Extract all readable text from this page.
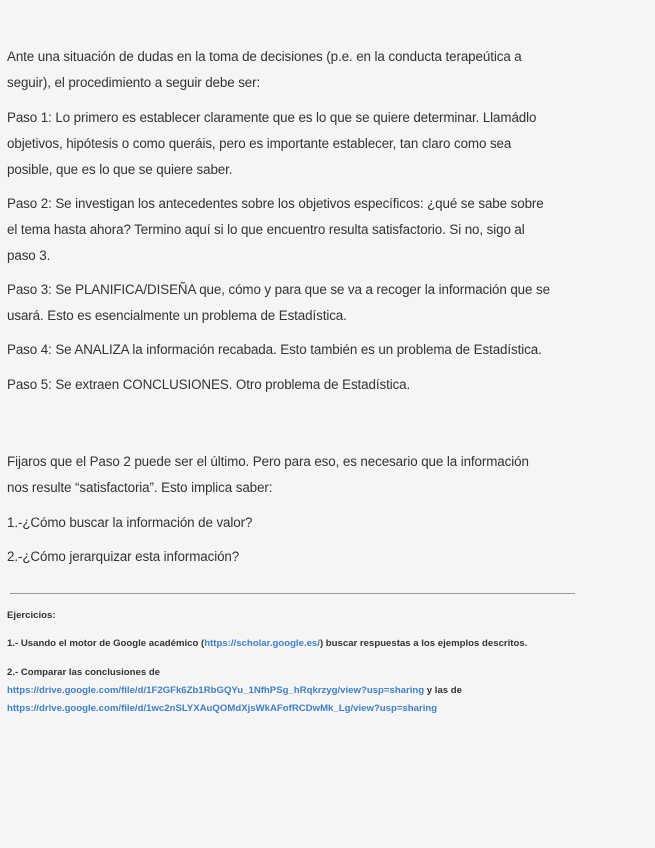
Ante una situación de dudas en la toma de decisiones (p.e. en la conducta terapeútica a
seguir), el procedimiento a seguir debe ser:

Paso 1: Lo primero es establecer claramente que es lo que se quiere determinar. Llamádlo
objetivos, hipótesis o como queráis, pero es importante establecer, tan claro como sea
posible, que es lo que se quiere saber.

Paso 2: Se investigan los antecedentes sobre los objetivos específicos: ¿qué se sabe sobre
el tema hasta ahora? Termino aquí si lo que encuentro resulta satisfactorio. Si no, sigo al
paso 3.

Paso 3: Se PLANIFICA/DISEÑA que, cómo y para que se va a recoger la información que se
usará. Esto es esencialmente un problema de Estadística.

Paso 4: Se ANALIZA la información recabada. Esto también es un problema de Estadística.

Paso 5: Se extraen CONCLUSIONES. Otro problema de Estadística.

Fijaros que el Paso 2 puede ser el último. Pero para eso, es necesario que la información
nos resulte “satisfactoria”. Esto implica saber:

1.-¿Cómo buscar la información de valor?

2.-¿Cómo jerarquizar esta información?

Ejercicios:

1.- Usando el motor de Google académico (https://scholar.google.es/) buscar respuestas a los ejemplos descritos.

2.- Comparar las conclusiones de
https://drive.google.com/file/d/1F2GFk6Zb1RbGQYu_1NfhPSg_hRqkrzyg/view?usp=sharing y las de
https://drive.google.com/file/d/1wc2nSLYXAuQOMdXjsWkAFofRCDwMk_Lg/view?usp=sharing
